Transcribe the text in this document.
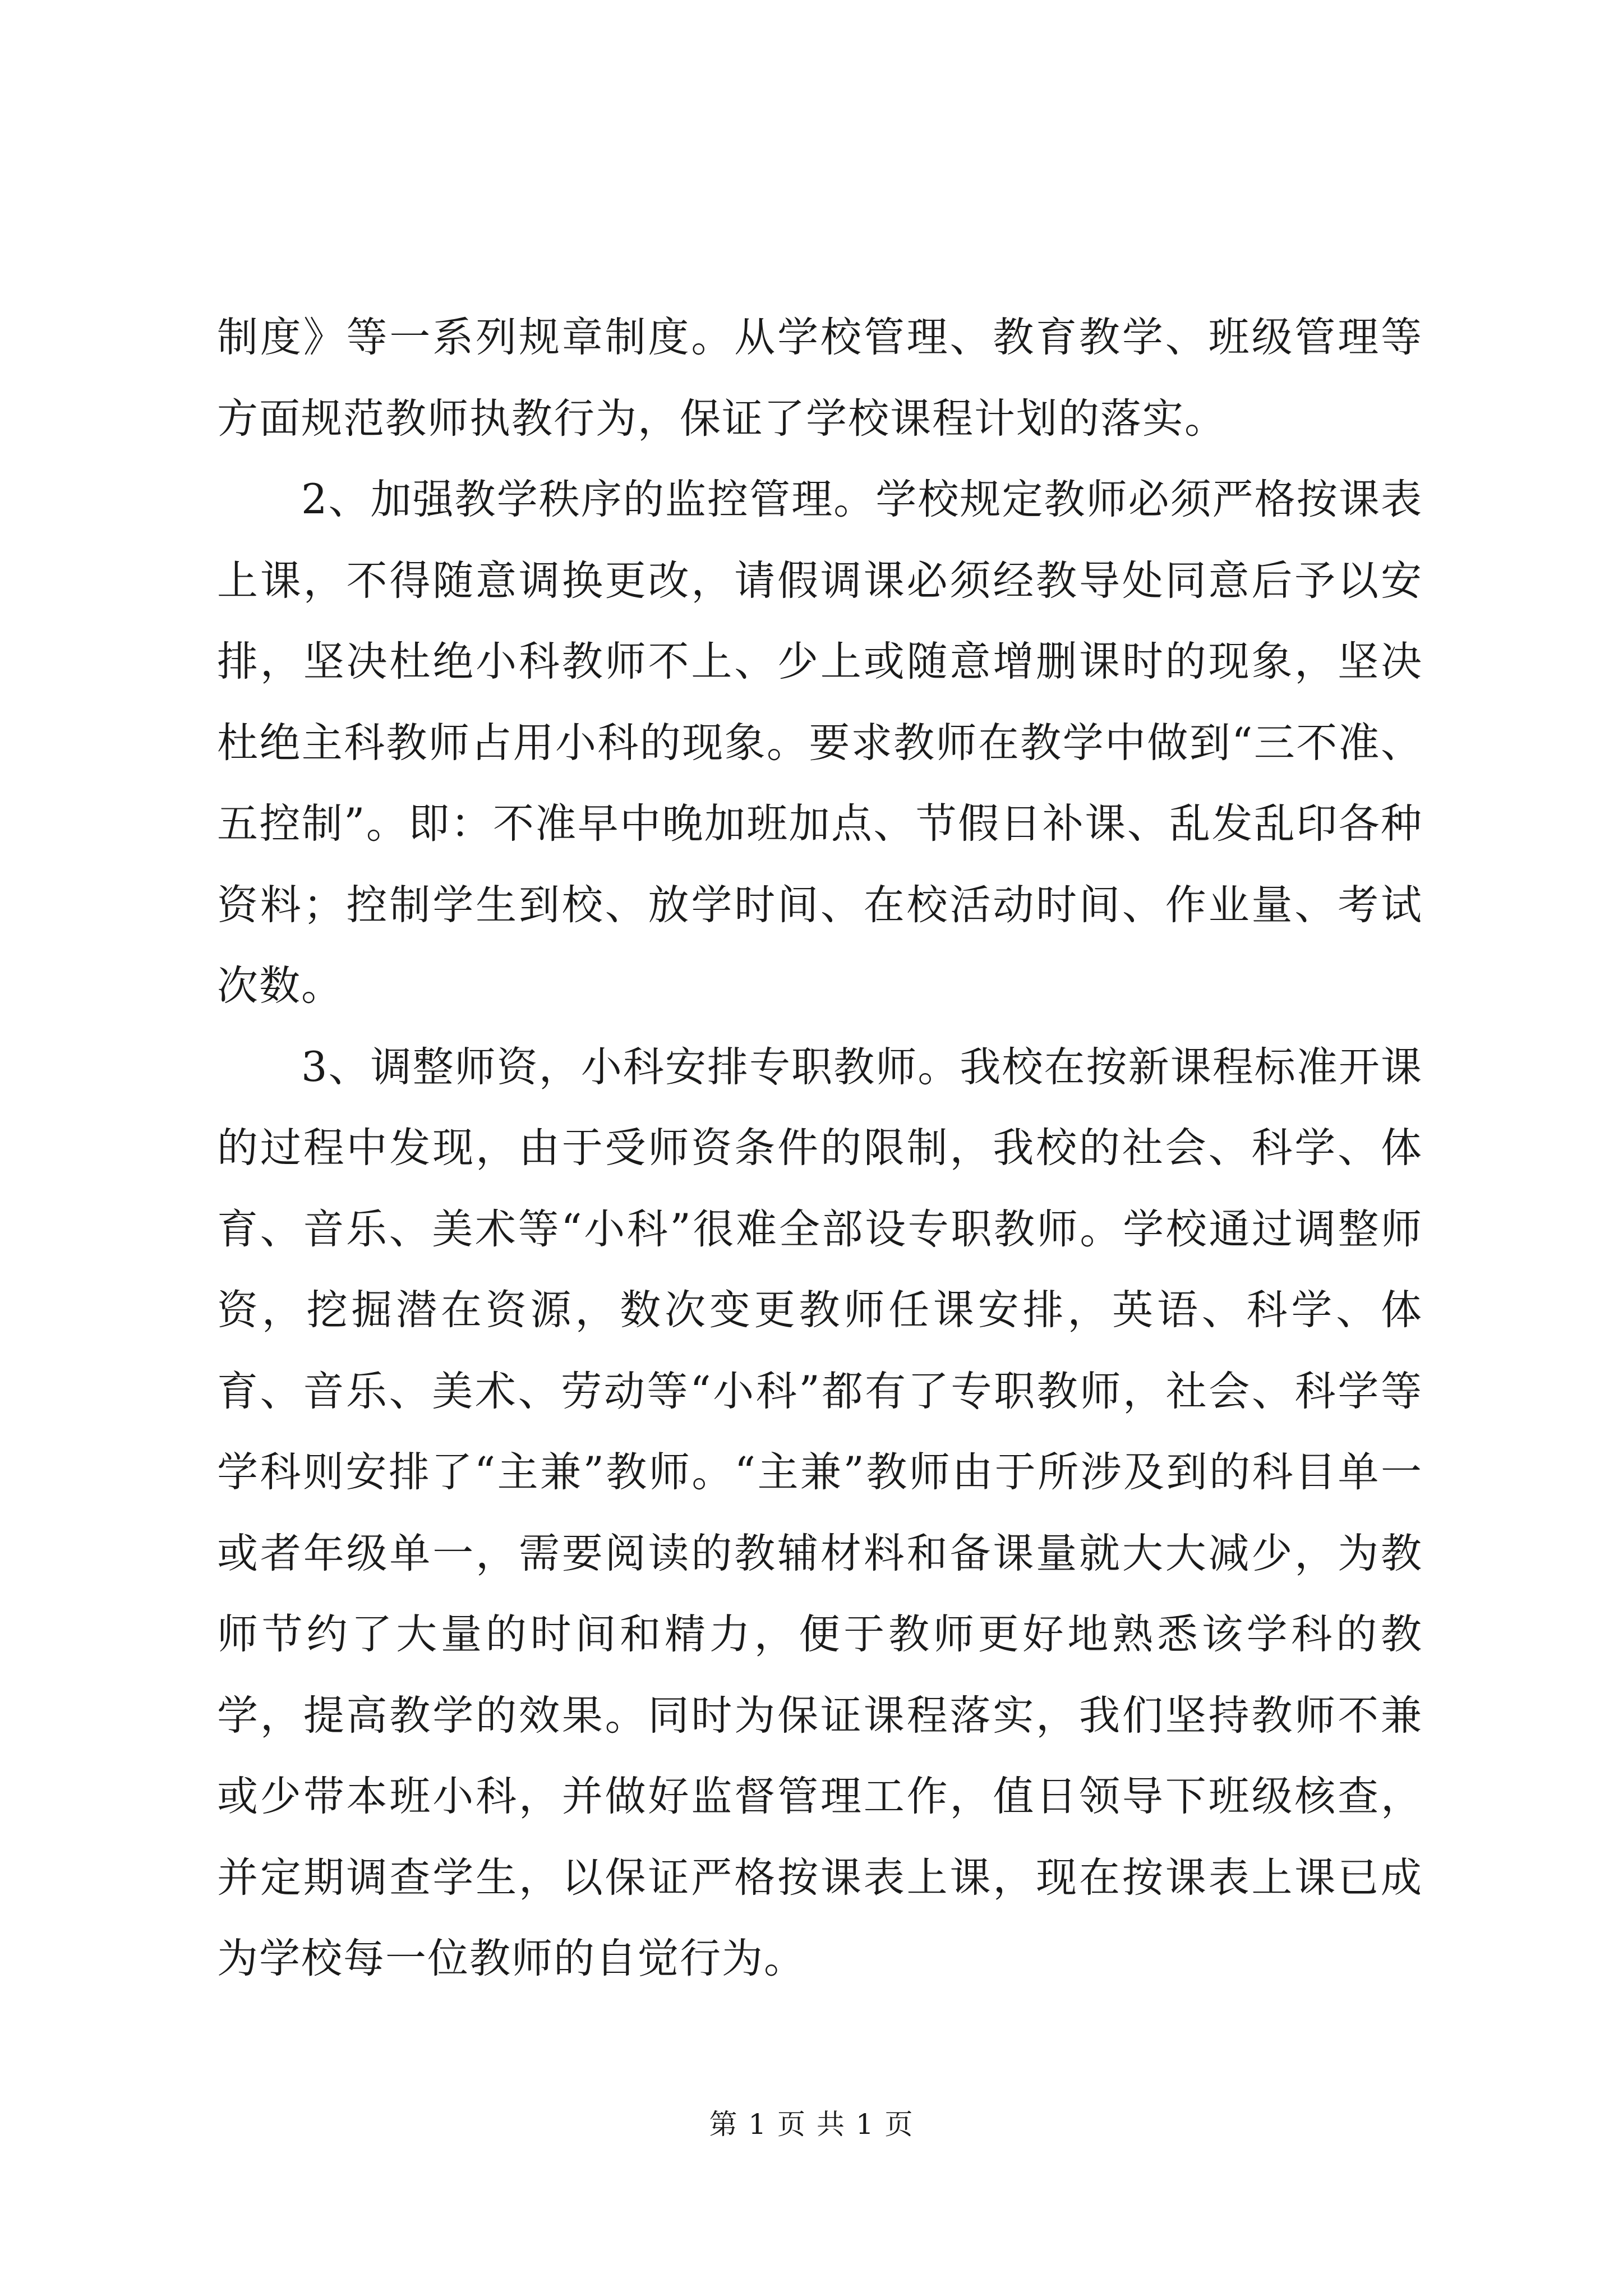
制度》等一系列规章制度。从学校管理、教育教学、班级管理等方面规范教师执教行为，保证了学校课程计划的落实。

2、加强教学秩序的监控管理。学校规定教师必须严格按课表上课，不得随意调换更改，请假调课必须经教导处同意后予以安排，坚决杜绝小科教师不上、少上或随意增删课时的现象，坚决杜绝主科教师占用小科的现象。要求教师在教学中做到“三不准、五控制”。即：不准早中晚加班加点、节假日补课、乱发乱印各种资料；控制学生到校、放学时间、在校活动时间、作业量、考试次数。

3、调整师资，小科安排专职教师。我校在按新课程标准开课的过程中发现，由于受师资条件的限制，我校的社会、科学、体育、音乐、美术等“小科”很难全部设专职教师。学校通过调整师资，挖掘潜在资源，数次变更教师任课安排，英语、科学、体育、音乐、美术、劳动等“小科”都有了专职教师，社会、科学等学科则安排了“主兼”教师。“主兼”教师由于所涉及到的科目单一或者年级单一，需要阅读的教辅材料和备课量就大大减少，为教师节约了大量的时间和精力，便于教师更好地熟悉该学科的教学，提高教学的效果。同时为保证课程落实，我们坚持教师不兼或少带本班小科，并做好监督管理工作，值日领导下班级核查，并定期调查学生，以保证严格按课表上课，现在按课表上课已成为学校每一位教师的自觉行为。

第 1 页 共 1 页
